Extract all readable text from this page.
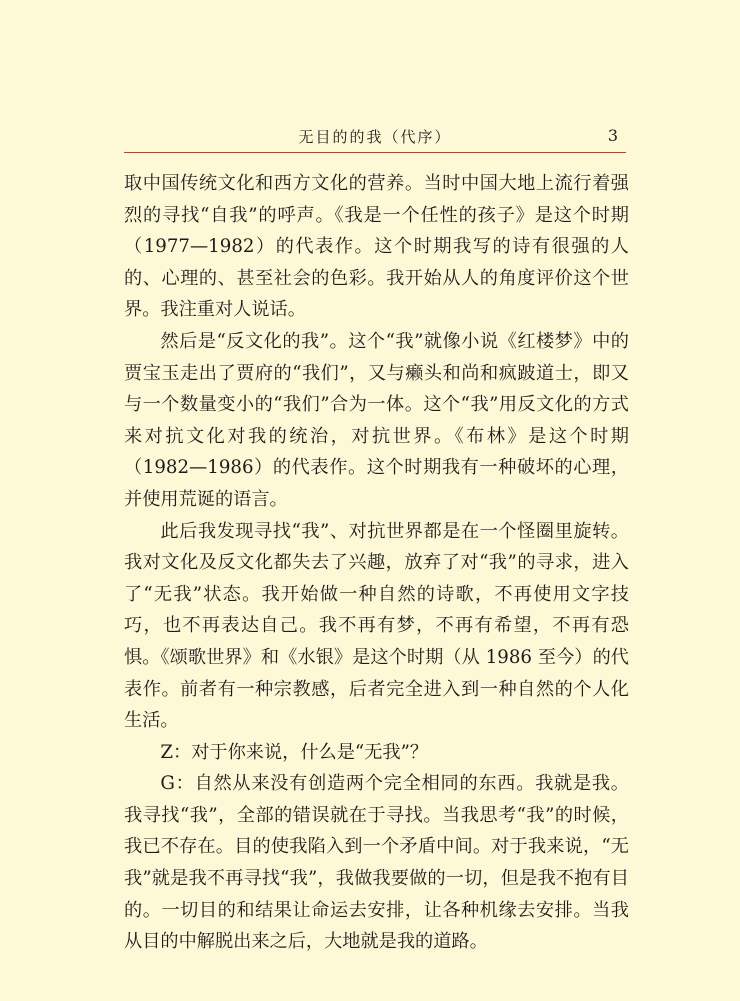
无目的的我（代序）	3

取中国传统文化和西方文化的营养。当时中国大地上流行着强烈的寻找“自我”的呼声。《我是一个任性的孩子》是这个时期（1977—1982）的代表作。这个时期我写的诗有很强的人的、心理的、甚至社会的色彩。我开始从人的角度评价这个世界。我注重对人说话。

然后是“反文化的我”。这个“我”就像小说《红楼梦》中的贾宝玉走出了贾府的“我们”，又与癞头和尚和疯跛道士，即又与一个数量变小的“我们”合为一体。这个“我”用反文化的方式来对抗文化对我的统治，对抗世界。《布林》是这个时期（1982—1986）的代表作。这个时期我有一种破坏的心理，并使用荒诞的语言。

此后我发现寻找“我”、对抗世界都是在一个怪圈里旋转。我对文化及反文化都失去了兴趣，放弃了对“我”的寻求，进入了“无我”状态。我开始做一种自然的诗歌，不再使用文字技巧，也不再表达自己。我不再有梦，不再有希望，不再有恐惧。《颂歌世界》和《水银》是这个时期（从 1986 至今）的代表作。前者有一种宗教感，后者完全进入到一种自然的个人化生活。

Z：对于你来说，什么是“无我”？

G：自然从来没有创造两个完全相同的东西。我就是我。我寻找“我”，全部的错误就在于寻找。当我思考“我”的时候，我已不存在。目的使我陷入到一个矛盾中间。对于我来说，“无我”就是我不再寻找“我”，我做我要做的一切，但是我不抱有目的。一切目的和结果让命运去安排，让各种机缘去安排。当我从目的中解脱出来之后，大地就是我的道路。
